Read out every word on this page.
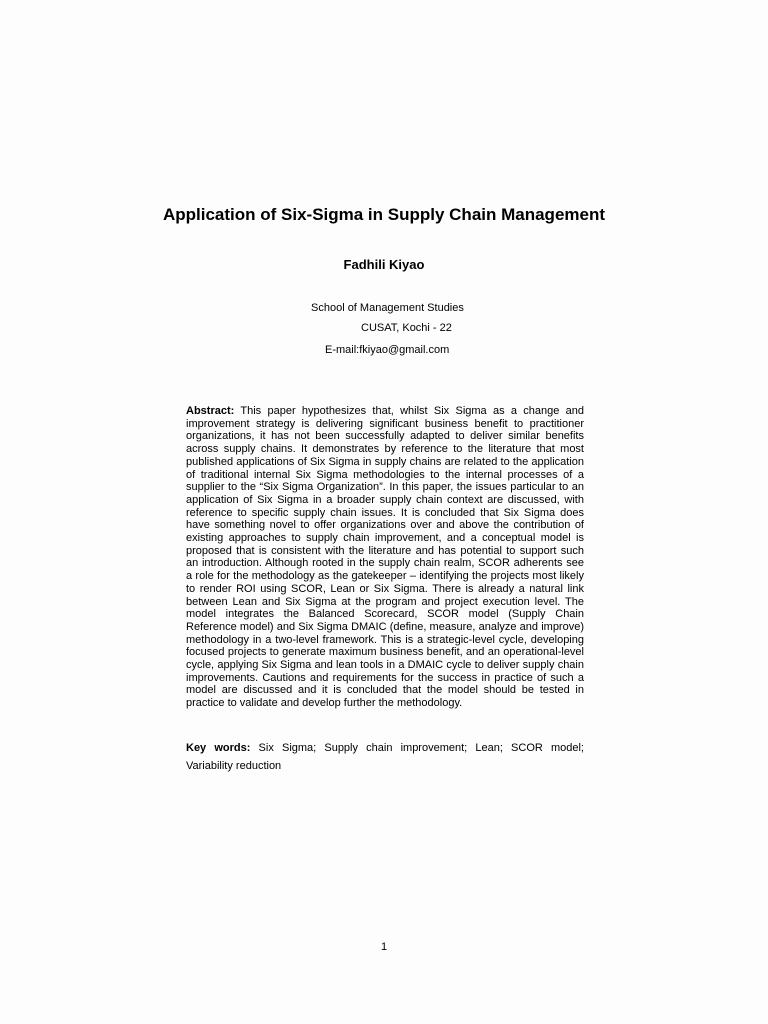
Application of Six-Sigma in Supply Chain Management
Fadhili Kiyao
School of Management Studies
CUSAT, Kochi - 22
E-mail:fkiyao@gmail.com

Abstract: This paper hypothesizes that, whilst Six Sigma as a change and improvement strategy is delivering significant business benefit to practitioner organizations, it has not been successfully adapted to deliver similar benefits across supply chains. It demonstrates by reference to the literature that most published applications of Six Sigma in supply chains are related to the application of traditional internal Six Sigma methodologies to the internal processes of a supplier to the “Six Sigma Organization”. In this paper, the issues particular to an application of Six Sigma in a broader supply chain context are discussed, with reference to specific supply chain issues. It is concluded that Six Sigma does have something novel to offer organizations over and above the contribution of existing approaches to supply chain improvement, and a conceptual model is proposed that is consistent with the literature and has potential to support such an introduction. Although rooted in the supply chain realm, SCOR adherents see a role for the methodology as the gatekeeper – identifying the projects most likely to render ROI using SCOR, Lean or Six Sigma. There is already a natural link between Lean and Six Sigma at the program and project execution level. The model integrates the Balanced Scorecard, SCOR model (Supply Chain Reference model) and Six Sigma DMAIC (define, measure, analyze and improve) methodology in a two-level framework. This is a strategic-level cycle, developing focused projects to generate maximum business benefit, and an operational-level cycle, applying Six Sigma and lean tools in a DMAIC cycle to deliver supply chain improvements. Cautions and requirements for the success in practice of such a model are discussed and it is concluded that the model should be tested in practice to validate and develop further the methodology.

Key words: Six Sigma; Supply chain improvement; Lean; SCOR model; Variability reduction

1
